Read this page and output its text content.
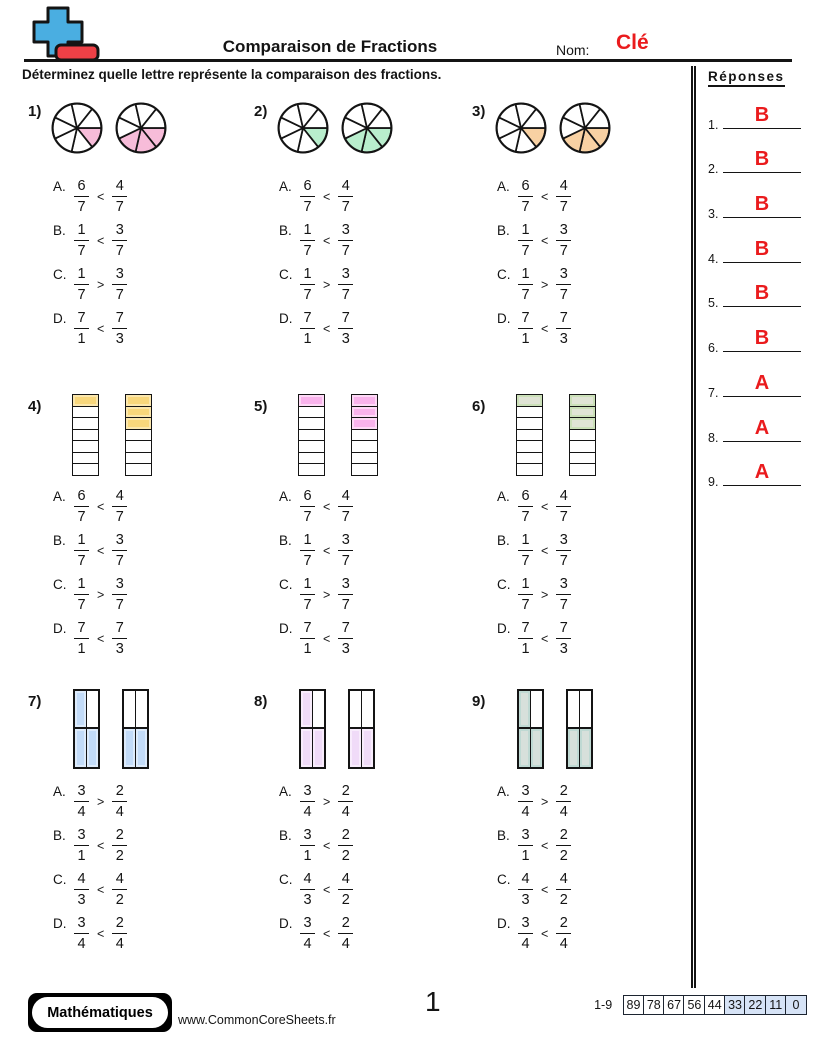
Comparaison de Fractions	Nom: Clé
Déterminez quelle lettre représente la comparaison des fractions.	Réponses
1.	B
2.	B
3.	B
4.	B
5.	B
6.	B
7.	A
8.	A
9.	A
1)
A. $\frac{6}{7} < \frac{4}{7}$
B. $\frac{1}{7} < \frac{3}{7}$
C. $\frac{1}{7} > \frac{3}{7}$
D. $\frac{7}{1} < \frac{7}{3}$
2)
A. $\frac{6}{7} < \frac{4}{7}$
B. $\frac{1}{7} < \frac{3}{7}$
C. $\frac{1}{7} > \frac{3}{7}$
D. $\frac{7}{1} < \frac{7}{3}$
3)
A. $\frac{6}{7} < \frac{4}{7}$
B. $\frac{1}{7} < \frac{3}{7}$
C. $\frac{1}{7} > \frac{3}{7}$
D. $\frac{7}{1} < \frac{7}{3}$
4)
A. $\frac{6}{7} < \frac{4}{7}$
B. $\frac{1}{7} < \frac{3}{7}$
C. $\frac{1}{7} > \frac{3}{7}$
D. $\frac{7}{1} < \frac{7}{3}$
5)
A. $\frac{6}{7} < \frac{4}{7}$
B. $\frac{1}{7} < \frac{3}{7}$
C. $\frac{1}{7} > \frac{3}{7}$
D. $\frac{7}{1} < \frac{7}{3}$
6)
A. $\frac{6}{7} < \frac{4}{7}$
B. $\frac{1}{7} < \frac{3}{7}$
C. $\frac{1}{7} > \frac{3}{7}$
D. $\frac{7}{1} < \frac{7}{3}$
7)
A. $\frac{3}{4} > \frac{2}{4}$
B. $\frac{3}{1} < \frac{2}{2}$
C. $\frac{4}{3} < \frac{4}{2}$
D. $\frac{3}{4} < \frac{2}{4}$
8)
A. $\frac{3}{4} > \frac{2}{4}$
B. $\frac{3}{1} < \frac{2}{2}$
C. $\frac{4}{3} < \frac{4}{2}$
D. $\frac{3}{4} < \frac{2}{4}$
9)
A. $\frac{3}{4} > \frac{2}{4}$
B. $\frac{3}{1} < \frac{2}{2}$
C. $\frac{4}{3} < \frac{4}{2}$
D. $\frac{3}{4} < \frac{2}{4}$
Mathématiques	www.CommonCoreSheets.fr
1	1-9	89 78 67 56 44 33 22 11 0
